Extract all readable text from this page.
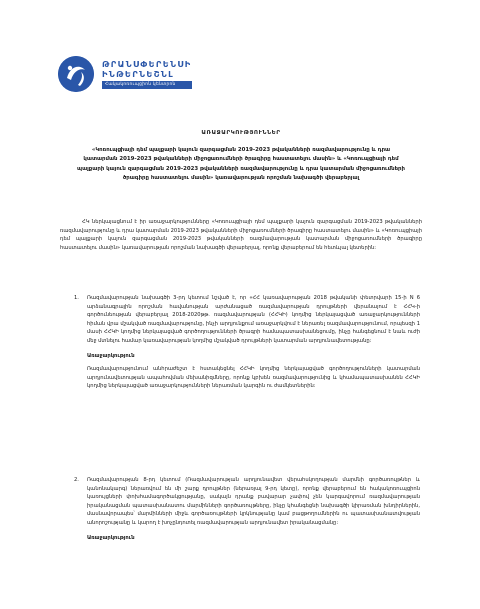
ԹՐԱՆՍՓԵՐԵՆՍԻ
ԻՆԹԵՐՆԵՇՆԼ
Հակակոռուպցիոն կենտրոն
ԱՌԱՋԱՐԿՈՒԹՅՈՒՆՆԵՐ
«Կոռուպցիայի դեմ պայքարի կայուն զարգացման 2019-2023 թվականների ռազմավարությունը և դրա կատարման 2019-2023 թվականների միջոցառումների ծրագիրը հաստատելու մասին» և «Կոռուպցիայի դեմ պայքարի կայուն զարգացման 2019-2023 թվականների ռազմավարությունը և դրա կատարման միջոցառումների ծրագիրը հաստատելու մասին» կառավարության որոշման նախագծի վերաբերյալ
ՀԿ ներկայացնում է իր առաջարկությունները «Կոռուպցիայի դեմ պայքարի կայուն զարգացման 2019-2023 թվականների ռազմավարությունը և դրա կատարման 2019-2023 թվականների միջոցառումների ծրագիրը հաստատելու մասին» և «Կոռուպցիայի դեմ պայքարի կայուն զարգացման 2019-2023 թվականների ռազմավարության կատարման միջոցառումների ծրագիրը հաստատելու մասին» կառավարության որոշման նախագծի վերաբերյալ, որոնք վերաբերում են հետևյալ կետերին:
1. Ռազմավարության նախագծի 3-րդ կետում նշված է, որ «ՀՀ կառավարության 2018 թվականի փետրվարի 15-ի N 6 արձանագրային որոշման հավանության արժանացած ռազմավարության դրույթների վերանայում է ՀՀԿ-ի գործունեության վերաբերյալ 2018-2020թթ. ռազմավարության (ՀՀԿԻ) կողմից ներկայացված առաջարկությունների հիման վրա մշակված ռազմավարությունը, ինչի արդյունքում առաջարկվում է ներառել ռազմավարությունում, որպեսզի 1 մասի ՀՀԿԻ կողմից ներկայացված գործողությունների ծրագրի համապատասխանեցումը, ինչը հանգեցնում է նաև ուժի մեջ մտնելու համար կառավարության կողմից մշակված դրույթների կատարման արդյունավետությանը:
Առաջարկություն
Ռազմավարությունում անհրաժեշտ է հստակեցնել ՀՀԿԻ կողմից ներկայացված գործողությունների կատարման արդյունավետության ապահովման մեխանիզմները, որոնք կբխեն ռազմավարությունից և կհամապատասխանեն ՀՀԿԻ կողմից ներկայացված առաջարկությունների ներառման կարգին ու ժամկետներին:
2. Ռազմավարության 8-րդ կետում (Ռազմավարության արդյունավետ վերահսկողության մարմնի գործառույթներ և կանոնակարգ) ներառվում են մի շարք դրույթներ (ներառյալ 9-րդ կետը), որոնք վերաբերում են հակակոռուպցիոն կառույցների փոխհամագործակցությանը, սակայն դրանք բավարար չափով չեն կարգավորում ռազմավարության իրականացման պատասխանատու մարմինների գործառույթները, ինչը կհանգեցնի նախագծի կիրառման խնդիրներին, մասնավորապես՝ մարմինների միջև գործառույթների կրկնությանը կամ բացթողումներին ու պատասխանատվության անորոշությանը և կարող է խոչընդոտել ռազմավարության արդյունավետ իրականացմանը:
Առաջարկություն
